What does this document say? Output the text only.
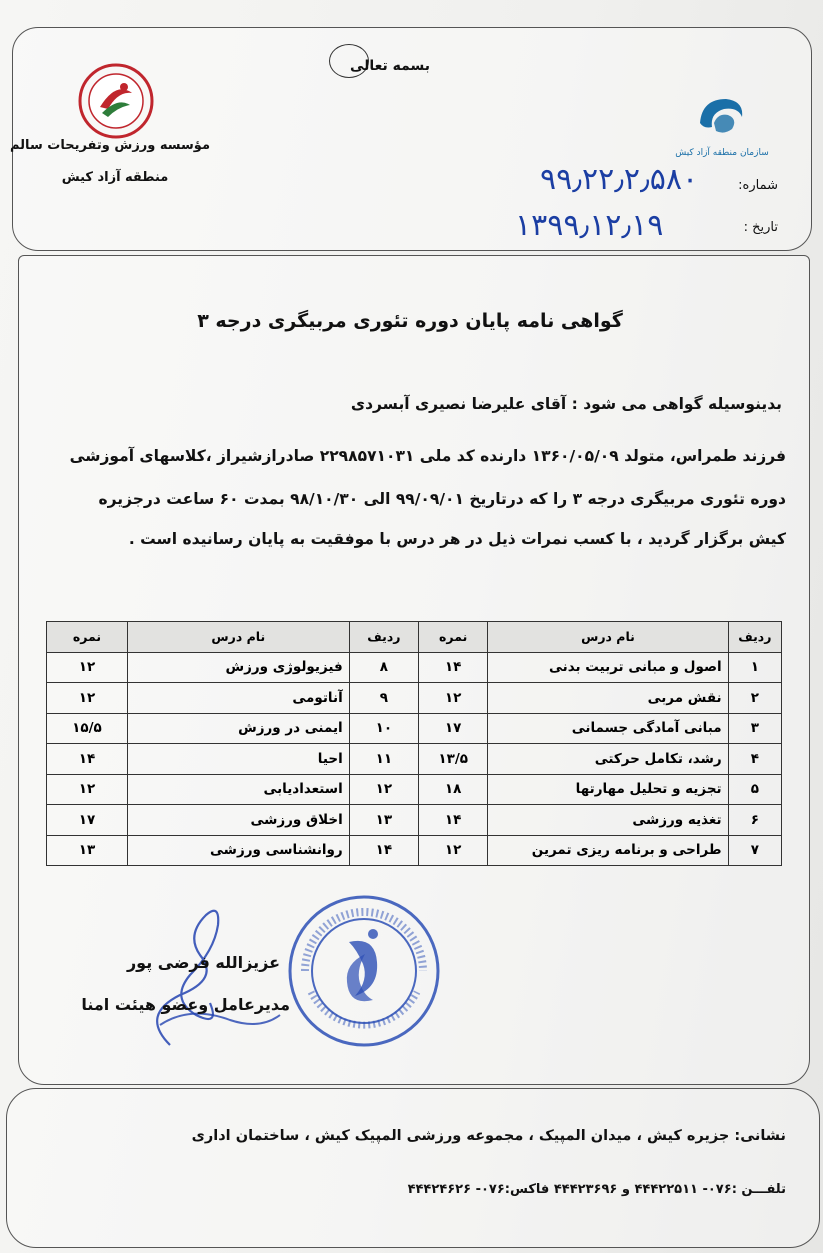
بسمه تعالی
مؤسسه ورزش وتفریحات سالم
منطقه آزاد کیش
سازمان منطقه آزاد کیش
شماره:
۹۹٫۲۲٫۲٫۵۸۰
تاریخ :
۱۳۹۹٫۱۲٫۱۹
گواهی نامه پایان دوره تئوری مربیگری درجه ۳
بدینوسیله گواهی می شود : آقای علیرضا نصیری آبسردی
فرزند طمراس، متولد ۱۳۶۰/۰۵/۰۹ دارنده کد ملی ۲۲۹۸۵۷۱۰۳۱ صادرازشیراز ،کلاسهای آموزشی
دوره تئوری مربیگری درجه ۳ را که درتاریخ ۹۹/۰۹/۰۱ الی ۹۸/۱۰/۳۰ بمدت ۶۰ ساعت درجزیره
کیش برگزار گردید ، با کسب نمرات ذیل در هر درس با موفقیت به پایان رسانیده است .
ردیف	نام درس	نمره	ردیف	نام درس	نمره
۱	اصول و مبانی تربیت بدنی	۱۴	۸	فیزیولوژی ورزش	۱۲
۲	نقش مربی	۱۲	۹	آناتومی	۱۲
۳	مبانی آمادگی جسمانی	۱۷	۱۰	ایمنی در ورزش	۱۵/۵
۴	رشد، تکامل حرکتی	۱۳/۵	۱۱	احیا	۱۴
۵	تجزیه و تحلیل مهارتها	۱۸	۱۲	استعدادیابی	۱۲
۶	تغذیه ورزشی	۱۴	۱۳	اخلاق ورزشی	۱۷
۷	طراحی و برنامه ریزی تمرین	۱۲	۱۴	روانشناسی ورزشی	۱۳
عزیزالله فرضی پور
مدیرعامل وعضو هیئت امنا
نشانی: جزیره کیش ، میدان المپیک ، مجموعه ورزشی المپیک کیش ، ساختمان اداری
تلفـــن :۰۷۶- ۴۴۴۲۲۵۱۱ و ۴۴۴۲۳۶۹۶ فاکس:۰۷۶- ۴۴۴۲۴۶۲۶
